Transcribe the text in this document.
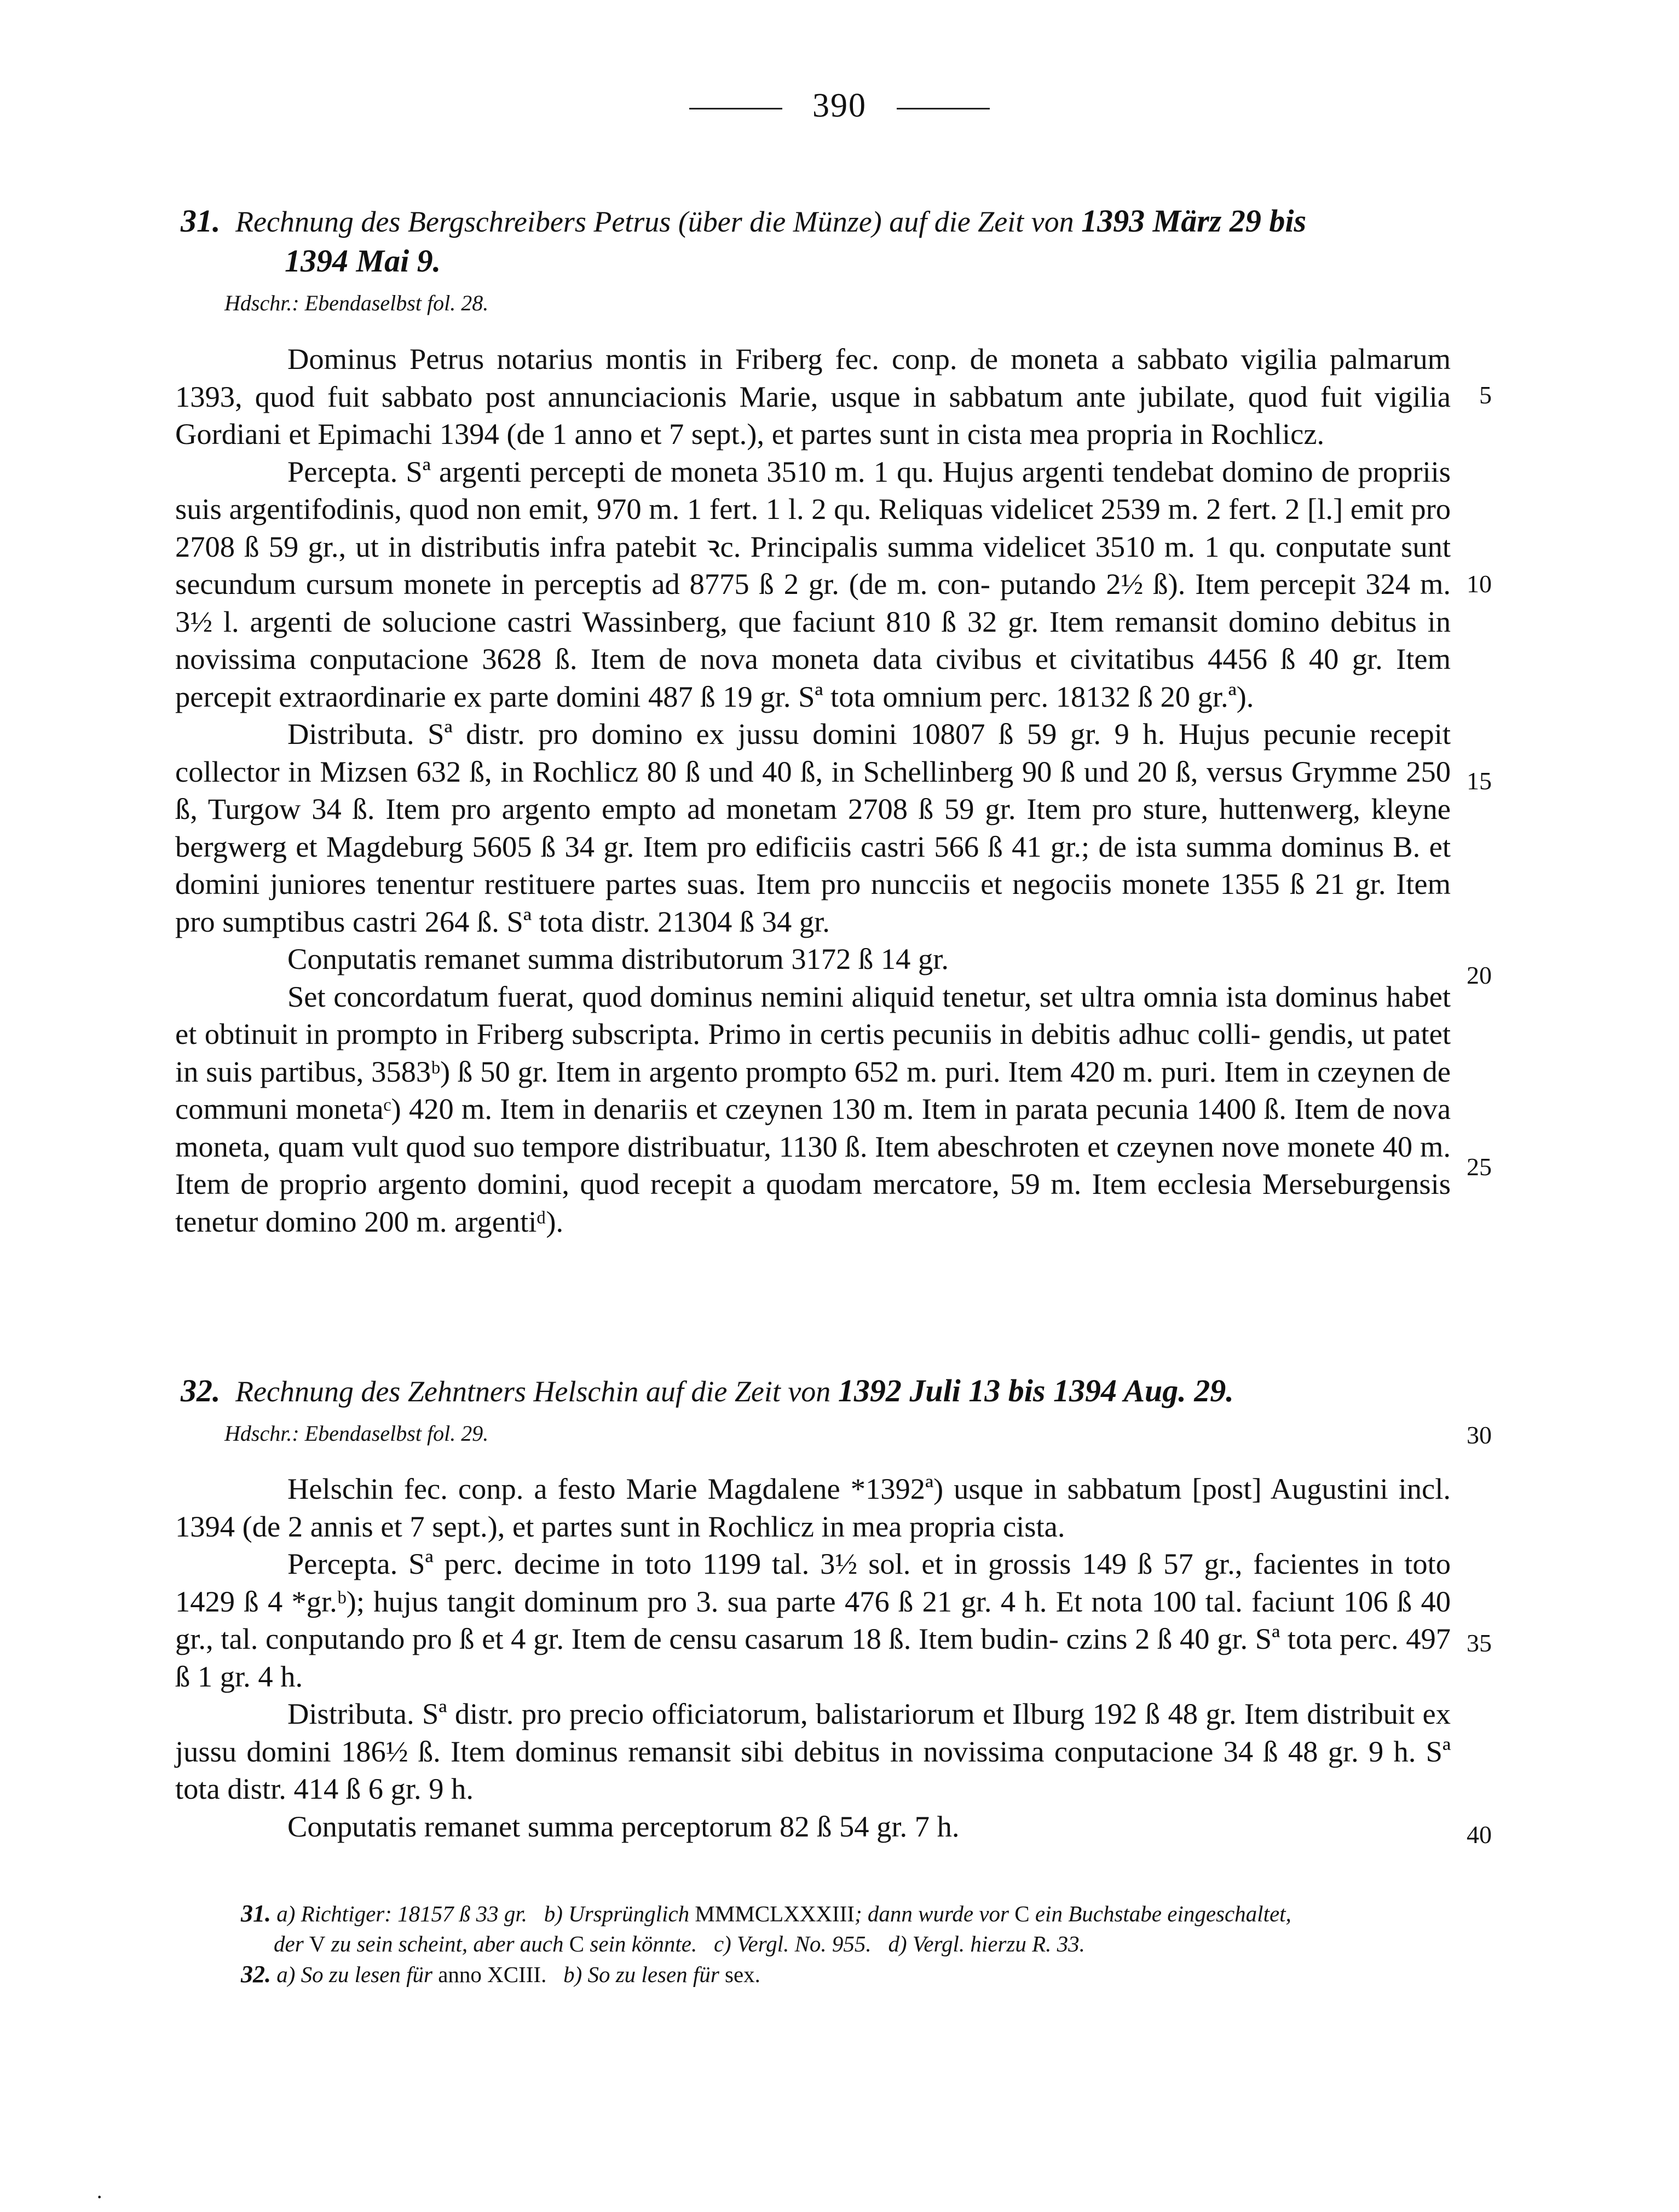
390
31. Rechnung des Bergschreibers Petrus (über die Münze) auf die Zeit von 1393 März 29 bis
1394 Mai 9.
Hdschr.: Ebendaselbst fol. 28.

Dominus Petrus notarius montis in Friberg fec. conp. de moneta a sabbato vigilia palmarum 1393, quod fuit sabbato post annunciacionis Marie, usque in sabbatum ante jubilate, quod fuit vigilia Gordiani et Epimachi 1394 (de 1 anno et 7 sept.), et partes sunt in cista mea propria in Rochlicz.

Percepta. Sª argenti percepti de moneta 3510 m. 1 qu. Hujus argenti tendebat domino de propriis suis argentifodinis, quod non emit, 970 m. 1 fert. 1 l. 2 qu. Reliquas videlicet 2539 m. 2 fert. 2 [l.] emit pro 2708 ß 59 gr., ut in distributis infra patebit ꝛc. Principalis summa videlicet 3510 m. 1 qu. conputate sunt secundum cursum monete in perceptis ad 8775 ß 2 gr. (de m. con- putando 2½ ß). Item percepit 324 m. 3½ l. argenti de solucione castri Wassinberg, que faciunt 810 ß 32 gr. Item remansit domino debitus in novissima conputacione 3628 ß. Item de nova moneta data civibus et civitatibus 4456 ß 40 gr. Item percepit extraordinarie ex parte domini 487 ß 19 gr. Sª tota omnium perc. 18132 ß 20 gr.ª).

Distributa. Sª distr. pro domino ex jussu domini 10807 ß 59 gr. 9 h. Hujus pecunie recepit collector in Mizsen 632 ß, in Rochlicz 80 ß und 40 ß, in Schellinberg 90 ß und 20 ß, versus Grymme 250 ß, Turgow 34 ß. Item pro argento empto ad monetam 2708 ß 59 gr. Item pro sture, huttenwerg, kleyne bergwerg et Magdeburg 5605 ß 34 gr. Item pro edificiis castri 566 ß 41 gr.; de ista summa dominus B. et domini juniores tenentur restituere partes suas. Item pro nuncciis et negociis monete 1355 ß 21 gr. Item pro sumptibus castri 264 ß. Sª tota distr. 21304 ß 34 gr.

Conputatis remanet summa distributorum 3172 ß 14 gr.

Set concordatum fuerat, quod dominus nemini aliquid tenetur, set ultra omnia ista dominus habet et obtinuit in prompto in Friberg subscripta. Primo in certis pecuniis in debitis adhuc colli- gendis, ut patet in suis partibus, 3583ᵇ) ß 50 gr. Item in argento prompto 652 m. puri. Item 420 m. puri. Item in czeynen de communi monetaᶜ) 420 m. Item in denariis et czeynen 130 m. Item in parata pecunia 1400 ß. Item de nova moneta, quam vult quod suo tempore distribuatur, 1130 ß. Item abeschroten et czeynen nove monete 40 m. Item de proprio argento domini, quod recepit a quodam mercatore, 59 m. Item ecclesia Merseburgensis tenetur domino 200 m. argentiᵈ).

32. Rechnung des Zehntners Helschin auf die Zeit von 1392 Juli 13 bis 1394 Aug. 29.
Hdschr.: Ebendaselbst fol. 29.

Helschin fec. conp. a festo Marie Magdalene *1392ª) usque in sabbatum [post] Augustini incl. 1394 (de 2 annis et 7 sept.), et partes sunt in Rochlicz in mea propria cista.

Percepta. Sª perc. decime in toto 1199 tal. 3½ sol. et in grossis 149 ß 57 gr., facientes in toto 1429 ß 4 *gr.ᵇ); hujus tangit dominum pro 3. sua parte 476 ß 21 gr. 4 h. Et nota 100 tal. faciunt 106 ß 40 gr., tal. conputando pro ß et 4 gr. Item de censu casarum 18 ß. Item budin- czins 2 ß 40 gr. Sª tota perc. 497 ß 1 gr. 4 h.

Distributa. Sª distr. pro precio officiatorum, balistariorum et Ilburg 192 ß 48 gr. Item distribuit ex jussu domini 186½ ß. Item dominus remansit sibi debitus in novissima conputacione 34 ß 48 gr. 9 h. Sª tota distr. 414 ß 6 gr. 9 h.

Conputatis remanet summa perceptorum 82 ß 54 gr. 7 h.

5
10
15
20
25
30
35
40
31. a) Richtiger: 18157 ß 33 gr. b) Ursprünglich MMMCLXXXIII; dann wurde vor C ein Buchstabe eingeschaltet,
der V zu sein scheint, aber auch C sein könnte. c) Vergl. No. 955. d) Vergl. hierzu R. 33.
32. a) So zu lesen für anno XCIII. b) So zu lesen für sex.
·
